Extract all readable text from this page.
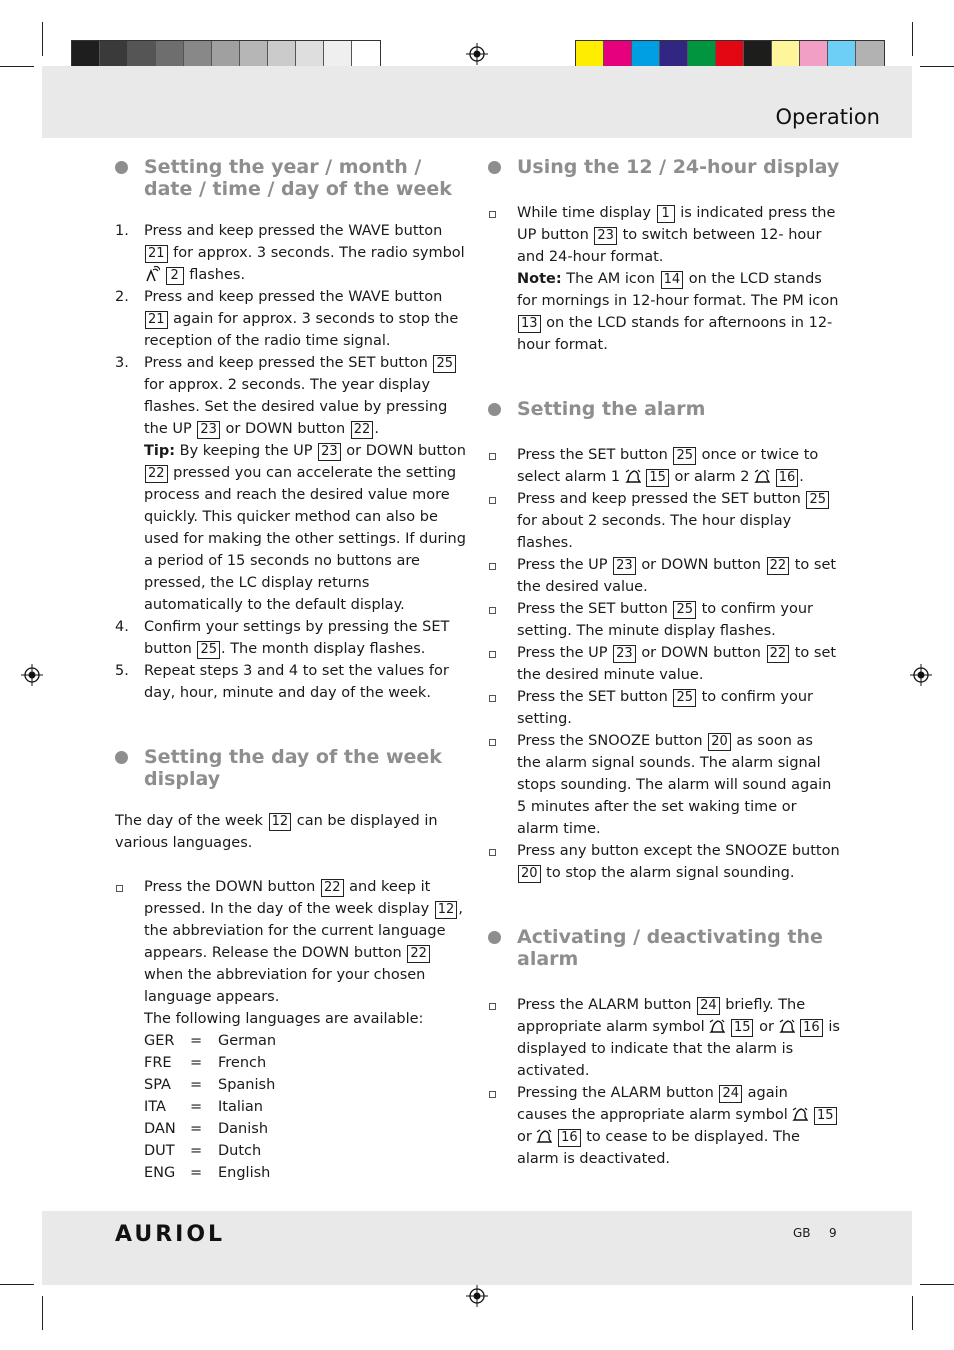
Operation
Setting the year / month / date / time / day of the week
1. Press and keep pressed the WAVE button 21 for approx. 3 seconds. The radio symbol  2 flashes.
2. Press and keep pressed the WAVE button 21 again for approx. 3 seconds to stop the reception of the radio time signal.
3. Press and keep pressed the SET button 25 for approx. 2 seconds. The year display flashes. Set the desired value by pressing the UP 23 or DOWN button 22 .
Tip: By keeping the UP 23 or DOWN button 22 pressed you can accelerate the setting process and reach the desired value more quickly. This quicker method can also be used for making the other settings. If during a period of 15 seconds no buttons are pressed, the LC display returns automatically to the default display.
4. Confirm your settings by pressing the SET button 25 . The month display flashes.
5. Repeat steps 3 and 4 to set the values for day, hour, minute and day of the week.
Setting the day of the week display

The day of the week 12 can be displayed in various languages.

Press the DOWN button 22 and keep it pressed. In the day of the week display 12 , the abbreviation for the current language appears. Release the DOWN button 22 when the abbreviation for your chosen language appears.
The following languages are available:
GER	=	German
FRE	=	French
SPA	=	Spanish
ITA	=	Italian
DAN	=	Danish
DUT	=	Dutch
ENG	=	English
Using the 12 / 24-hour display
While time display 1 is indicated press the UP button 23 to switch between 12- hour and 24-hour format.
Note: The AM icon 14 on the LCD stands for mornings in 12-hour format. The PM icon 13 on the LCD stands for afternoons in 12-hour format.
Setting the alarm
Press the SET button 25 once or twice to select alarm 1 15 or alarm 2 16 .
Press and keep pressed the SET button 25 for about 2 seconds. The hour display flashes.
Press the UP 23 or DOWN button 22 to set the desired value.
Press the SET button 25 to confirm your setting. The minute display flashes.
Press the UP 23 or DOWN button 22 to set the desired minute value.
Press the SET button 25 to confirm your setting.
Press the SNOOZE button 20 as soon as the alarm signal sounds. The alarm signal stops sounding. The alarm will sound again 5 minutes after the set waking time or alarm time.
Press any button except the SNOOZE button 20 to stop the alarm signal sounding.
Activating / deactivating the alarm
Press the ALARM button 24 briefly. The appropriate alarm symbol 15 or 16 is displayed to indicate that the alarm is activated.
Pressing the ALARM button 24 again causes the appropriate alarm symbol 15 or 16 to cease to be displayed. The alarm is deactivated.
AURIOL	GB 9
